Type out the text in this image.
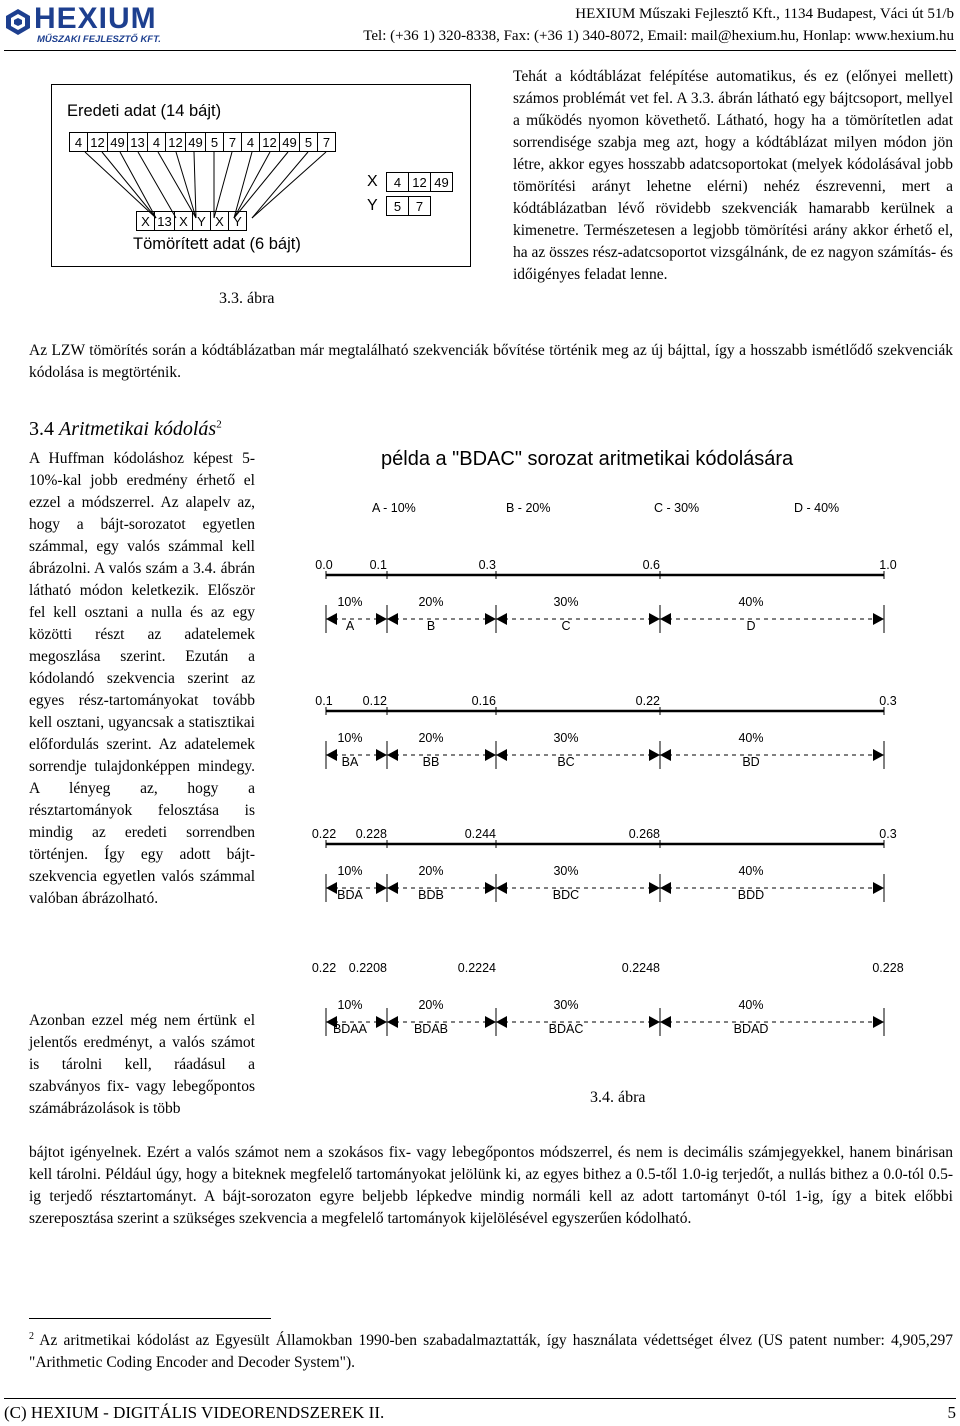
HEXIUM
MŰSZAKI FEJLESZTŐ KFT.
HEXIUM Műszaki Fejlesztő Kft., 1134 Budapest, Váci út 51/b
Tel: (+36 1) 320-8338, Fax: (+36 1) 340-8072, Email: mail@hexium.hu, Honlap: www.hexium.hu
Eredeti adat (14 bájt)
4 12 49 13 4 12 49 5 7 4 12 49 5 7
X 13 X Y X Y
Tömörített adat (6 bájt)
X
Y
4 12 49
5	7
3.3. ábra
Tehát a kódtáblázat felépítése automatikus, és ez (előnyei mellett) számos problémát vet fel. A 3.3. ábrán látható egy bájtcsoport, mellyel a működés nyomon követhető. Látható, hogy ha a tömörítetlen adat sorrendisége szabja meg azt, hogy a kódtáblázat milyen módon jön létre, akkor egyes hosszabb adatcsoportokat (melyek kódolásával jobb tömörítési arányt lehetne elérni) nehéz észrevenni, mert a kódtáblázatban lévő rövidebb szekvenciák hamarabb kerülnek a kimenetre. Természetesen a legjobb tömörítési arány akkor érhető el, ha az összes rész-adatcsoportot vizsgálnánk, de ez nagyon számítás- és időigényes feladat lenne.
Az LZW tömörítés során a kódtáblázatban már megtalálható szekvenciák bővítése történik meg az új bájttal, így a hosszabb ismétlődő szekvenciák kódolása is megtörténik.
3.4 Aritmetikai kódolás$^2$
A Huffman kódoláshoz képest 5-10%-kal jobb eredmény érhető el ezzel a módszerrel. Az alapelv az, hogy a bájt-sorozatot egyetlen számmal, egy valós számmal kell ábrázolni. A valós szám a 3.4. ábrán látható módon keletkezik. Először fel kell osztani a nulla és az egy közötti részt az adatelemek megoszlása szerint. Ezután a kódolandó szekvencia szerint az egyes rész-tartományokat tovább kell osztani, ugyancsak a statisztikai előfordulás szerint. Az adatelemek sorrendje tulajdonképpen mindegy. A lényeg az, hogy a résztartományok felosztása is mindig az eredeti sorrendben történjen. Így egy adott bájt-szekvencia egyetlen valós számmal valóban ábrázolható.
Azonban ezzel még nem értünk el jelentős eredményt, a valós számot is tárolni kell, ráadásul a szabványos fix- vagy lebegőpontos számábrázolások is több
példa a "BDAC" sorozat aritmetikai kódolására
A - 10%	B - 20%	C - 30%	D - 40%
0.0	0.1	0.3	0.6	1.0
10%
A
20%
B
30%
C
40%
D
0.1 0.12	0.16	0.22	0.3
10%
BA
20%
BB
30%
BC
40%
BD
0.22 0.228	0.244	0.268	0.3
10%
BDA
20%
BDB
30%
BDC
40%
BDD
0.22 0.2208	0.2224	0.2248	0.228
10%
BDAA
20%
BDAB
30%
BDAC
40%
BDAD
3.4. ábra
bájtot igényelnek. Ezért a valós számot nem a szokásos fix- vagy lebegőpontos módszerrel, és nem is decimális számjegyekkel, hanem binárisan kell tárolni. Például úgy, hogy a biteknek megfelelő tartományokat jelölünk ki, az egyes bithez a 0.5-től 1.0-ig terjedőt, a nullás bithez a 0.0-tól 0.5-ig terjedő résztartományt. A bájt-sorozaton egyre beljebb lépkedve mindig normáli kell az adott tartományt 0-tól 1-ig, így a bitek előbbi szereposztása szerint a szükséges szekvencia a megfelelő tartományok kijelölésével egyszerűen kódolható.
$^2$ Az aritmetikai kódolást az Egyesült Államokban 1990-ben szabadalmaztatták, így használata védettséget élvez (US patent number: 4,905,297 "Arithmetic Coding Encoder and Decoder System").
(C) HEXIUM - DIGITÁLIS VIDEORENDSZEREK II.	5
